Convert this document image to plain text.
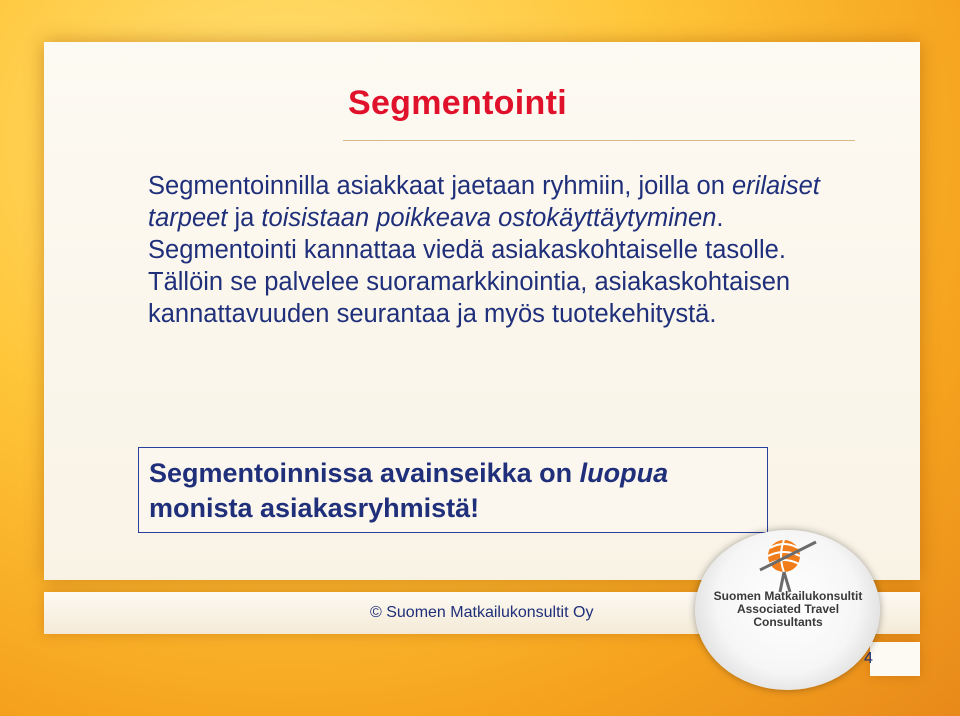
Segmentointi

Segmentoinnilla asiakkaat jaetaan ryhmiin, joilla on erilaiset tarpeet ja toisistaan poikkeava ostokäyttäytyminen. Segmentointi kannattaa viedä asiakaskohtaiselle tasolle. Tällöin se palvelee suoramarkkinointia, asiakaskohtaisen kannattavuuden seurantaa ja myös tuotekehitystä.

Segmentoinnissa avainseikka on luopua monista asiakasryhmistä!
© Suomen Matkailukonsultit Oy
4
Suomen Matkailukonsultit
Associated Travel
Consultants
